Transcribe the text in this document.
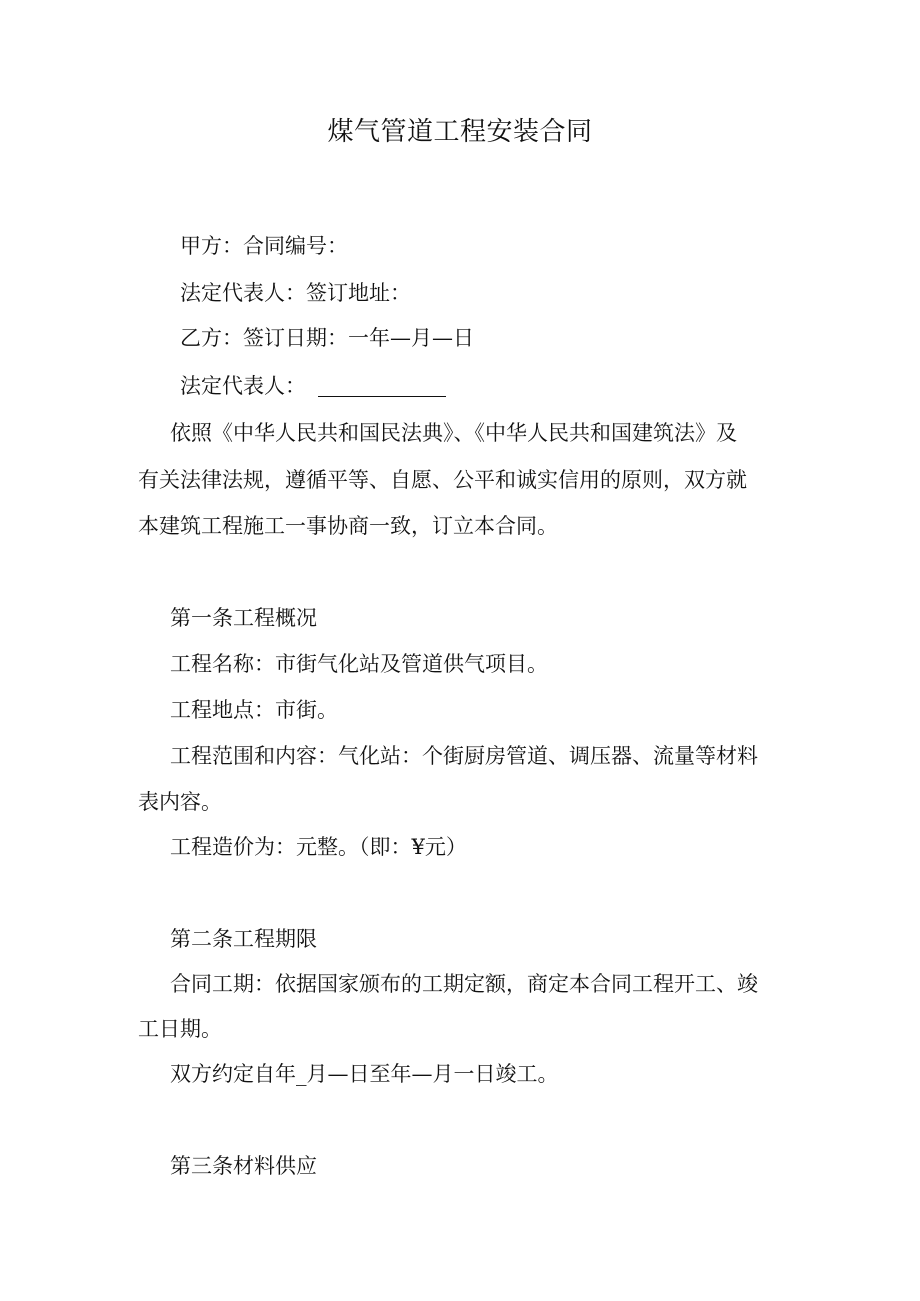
煤气管道工程安装合同
甲方：合同编号：
法定代表人：签订地址：
乙方：签订日期：一年—月—日
法定代表人：
依照《中华人民共和国民法典》、《中华人民共和国建筑法》及
有关法律法规，遵循平等、自愿、公平和诚实信用的原则，双方就
本建筑工程施工一事协商一致，订立本合同。
第一条工程概况
工程名称：市街气化站及管道供气项目。
工程地点：市街。
工程范围和内容：气化站：个街厨房管道、调压器、流量等材料
表内容。
工程造价为：元整。（即：¥元）
第二条工程期限
合同工期：依据国家颁布的工期定额，商定本合同工程开工、竣
工日期。
双方约定自年_月—日至年—月一日竣工。
第三条材料供应
